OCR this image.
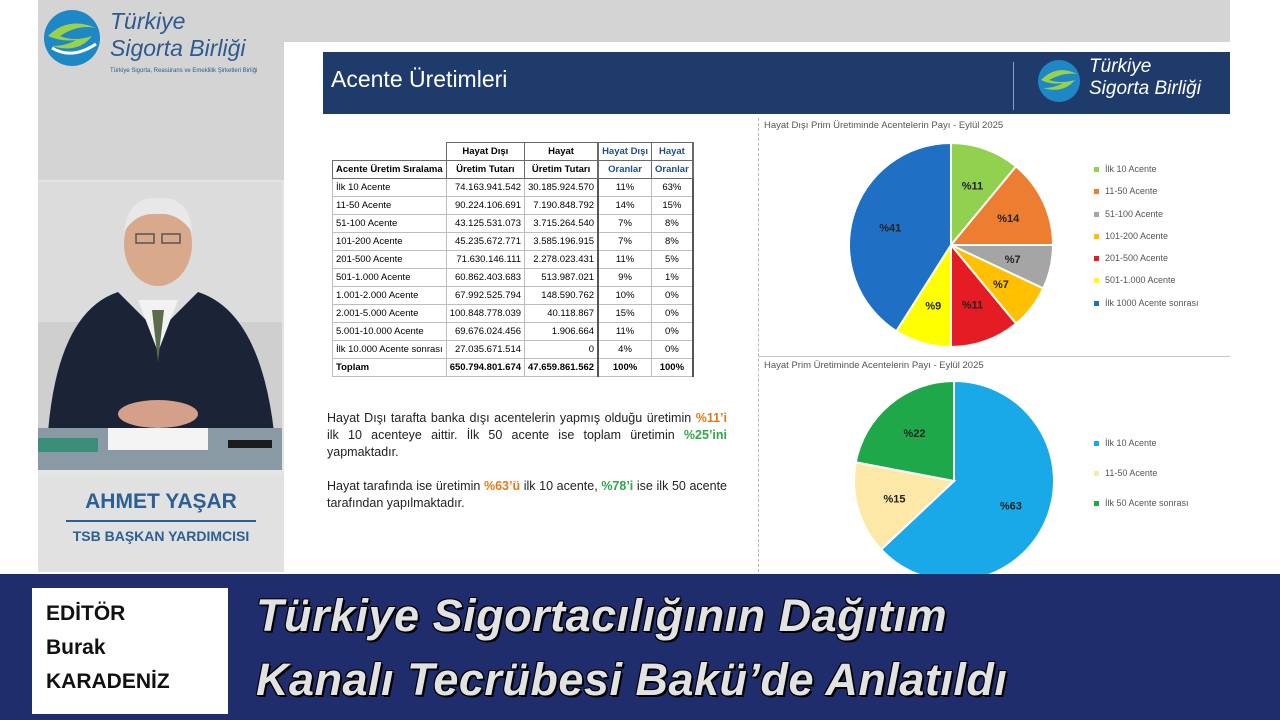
Türkiye
Sigorta Birliği
Türkiye Sigorta, Reasürans ve Emeklilik Şirketleri Birliği
AHMET YAŞAR
TSB BAŞKAN YARDIMCISI
Acente Üretimleri	Türkiye
Sigorta Birliği
	Hayat Dışı	Hayat	Hayat Dışı	Hayat
Acente Üretim Sıralama	Üretim Tutarı	Üretim Tutarı	Oranlar	Oranlar
İlk 10 Acente	74.163.941.542	30.185.924.570	11%	63%
11-50 Acente	90.224.106.691	7.190.848.792	14%	15%
51-100 Acente	43.125.531.073	3.715.264.540	7%	8%
101-200 Acente	45.235.672.771	3.585.196.915	7%	8%
201-500 Acente	71.630.146.111	2.278.023.431	11%	5%
501-1.000 Acente	60.862.403.683	513.987.021	9%	1%
1.001-2.000 Acente	67.992.525.794	148.590.762	10%	0%
2.001-5.000 Acente	100.848.778.039	40.118.867	15%	0%
5.001-10.000 Acente	69.676.024.456	1.906.664	11%	0%
İlk 10.000 Acente sonrası	27.035.671.514	0	4%	0%
Toplam	650.794.801.674	47.659.861.562	100%	100%
Hayat Dışı tarafta banka dışı acentelerin yapmış olduğu üretimin %11’i ilk 10 acenteye aittir. İlk 50 acente ise toplam üretimin %25’ini yapmaktadır.
Hayat tarafında ise üretimin %63’ü ilk 10 acente, %78’i ise ilk 50 acente tarafından yapılmaktadır.
Hayat Dışı Prim Üretiminde Acentelerin Payı - Eylül 2025
%11
%14
%7
%7
%11
%9
%41
İlk 10 Acente
11-50 Acente
51-100 Acente
101-200 Acente
201-500 Acente
501-1.000 Acente
İlk 1000 Acente sonrası
Hayat Prim Üretiminde Acentelerin Payı - Eylül 2025
%63
%15
%22
İlk 10 Acente
11-50 Acente
İlk 50 Acente sonrası
EDİTÖR
Burak
KARADENİZ
Türkiye Sigortacılığının Dağıtım
Kanalı Tecrübesi Bakü’de Anlatıldı
